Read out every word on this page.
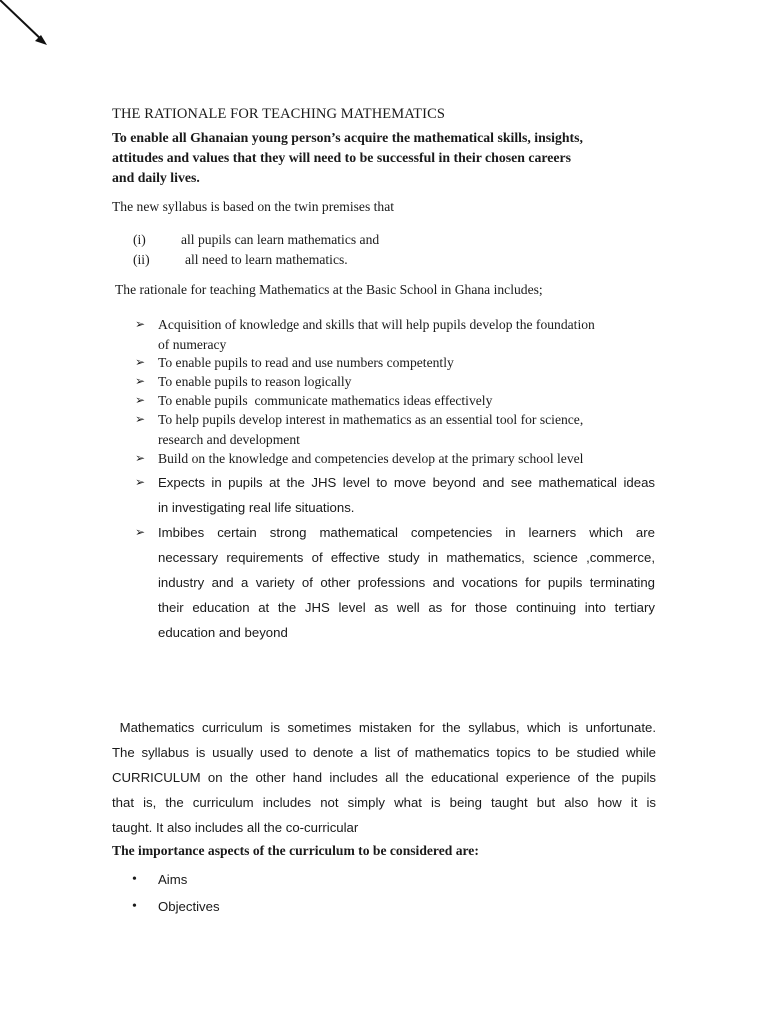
THE RATIONALE FOR TEACHING MATHEMATICS

To enable all Ghanaian young person’s acquire the mathematical skills, insights,
attitudes and values that they will need to be successful in their chosen careers
and daily lives.

The new syllabus is based on the twin premises that

(i)	all pupils can learn mathematics and
(ii)	all need to learn mathematics.

The rationale for teaching Mathematics at the Basic School in Ghana includes;

➢ Acquisition of knowledge and skills that will help pupils develop the foundation
of numeracy
➢ To enable pupils to read and use numbers competently
➢ To enable pupils to reason logically
➢ To enable pupils  communicate mathematics ideas effectively
➢ To help pupils develop interest in mathematics as an essential tool for science,
research and development
➢ Build on the knowledge and competencies develop at the primary school level
➢ Expects in pupils at the JHS level to move beyond and see mathematical ideas
in investigating real life situations.
➢ Imbibes certain strong mathematical competencies in learners which are
necessary requirements of effective study in mathematics, science ,commerce,
industry and a variety of other professions and vocations for pupils terminating
their education at the JHS level as well as for those continuing into tertiary
education and beyond

Mathematics curriculum is sometimes mistaken for the syllabus, which is unfortunate.
The syllabus is usually used to denote a list of mathematics topics to be studied while
CURRICULUM on the other hand includes all the educational experience of the pupils
that is, the curriculum includes not simply what is being taught but also how it is
taught. It also includes all the co-curricular

The importance aspects of the curriculum to be considered are:

• Aims
• Objectives
